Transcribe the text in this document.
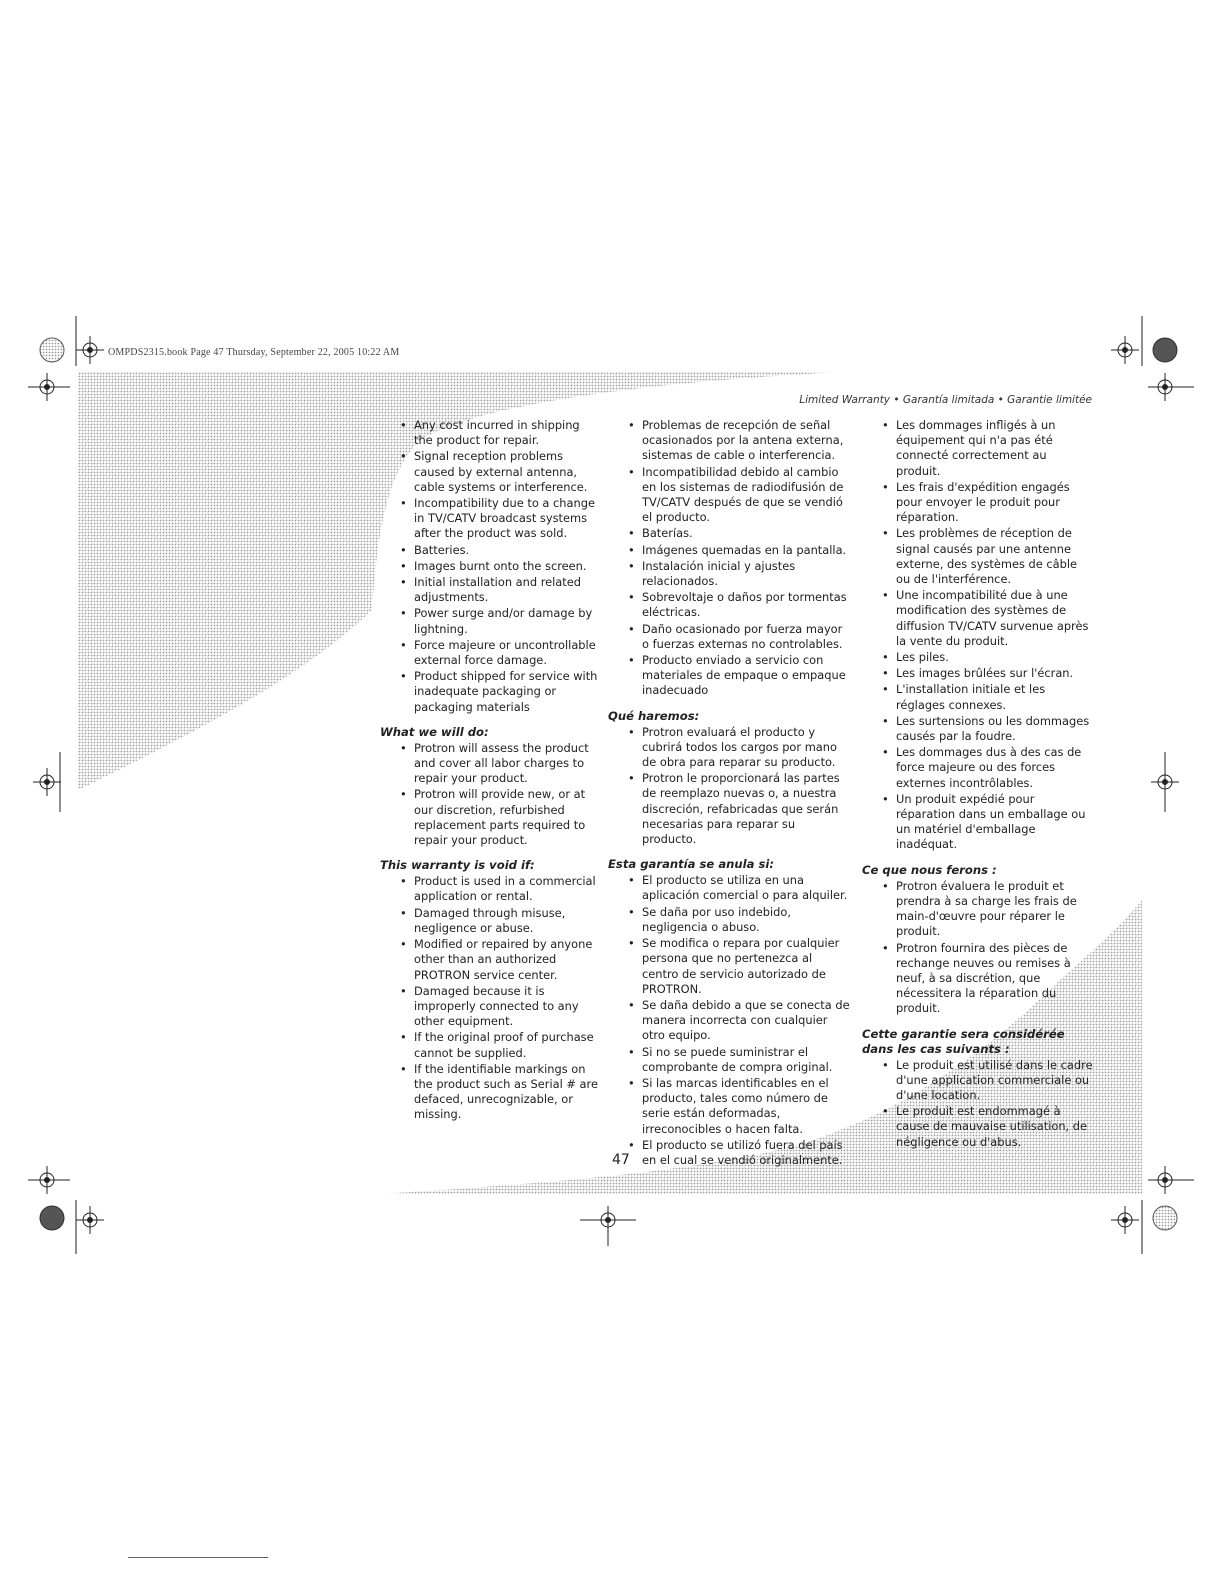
OMPDS2315.book Page 47 Thursday, September 22, 2005 10:22 AM
Limited Warranty • Garantía limitada • Garantie limitée
• Any cost incurred in shipping the product for repair.
• Signal reception problems caused by external antenna, cable systems or interference.
• Incompatibility due to a change in TV/CATV broadcast systems after the product was sold.
• Batteries.
• Images burnt onto the screen.
• Initial installation and related adjustments.
• Power surge and/or damage by lightning.
• Force majeure or uncontrollable external force damage.
• Product shipped for service with inadequate packaging or packaging materials
What we will do:
• Protron will assess the product and cover all labor charges to repair your product.
• Protron will provide new, or at our discretion, refurbished replacement parts required to repair your product.
This warranty is void if:
• Product is used in a commercial application or rental.
• Damaged through misuse, negligence or abuse.
• Modified or repaired by anyone other than an authorized PROTRON service center.
• Damaged because it is improperly connected to any other equipment.
• If the original proof of purchase cannot be supplied.
• If the identifiable markings on the product such as Serial # are defaced, unrecognizable, or missing.
• Problemas de recepción de señal ocasionados por la antena externa, sistemas de cable o interferencia.
• Incompatibilidad debido al cambio en los sistemas de radiodifusión de TV/CATV después de que se vendió el producto.
• Baterías.
• Imágenes quemadas en la pantalla.
• Instalación inicial y ajustes relacionados.
• Sobrevoltaje o daños por tormentas eléctricas.
• Daño ocasionado por fuerza mayor o fuerzas externas no controlables.
• Producto enviado a servicio con materiales de empaque o empaque inadecuado
Qué haremos:
• Protron evaluará el producto y cubrirá todos los cargos por mano de obra para reparar su producto.
• Protron le proporcionará las partes de reemplazo nuevas o, a nuestra discreción, refabricadas que serán necesarias para reparar su producto.
Esta garantía se anula si:
• El producto se utiliza en una aplicación comercial o para alquiler.
• Se daña por uso indebido, negligencia o abuso.
• Se modifica o repara por cualquier persona que no pertenezca al centro de servicio autorizado de PROTRON.
• Se daña debido a que se conecta de manera incorrecta con cualquier otro equipo.
• Si no se puede suministrar el comprobante de compra original.
• Si las marcas identificables en el producto, tales como número de serie están deformadas, irreconocibles o hacen falta.
• El producto se utilizó fuera del país en el cual se vendió originalmente.
• Les dommages infligés à un équipement qui n'a pas été connecté correctement au produit.
• Les frais d'expédition engagés pour envoyer le produit pour réparation.
• Les problèmes de réception de signal causés par une antenne externe, des systèmes de câble ou de l'interférence.
• Une incompatibilité due à une modification des systèmes de diffusion TV/CATV survenue après la vente du produit.
• Les piles.
• Les images brûlées sur l'écran.
• L'installation initiale et les réglages connexes.
• Les surtensions ou les dommages causés par la foudre.
• Les dommages dus à des cas de force majeure ou des forces externes incontrôlables.
• Un produit expédié pour réparation dans un emballage ou un matériel d'emballage inadéquat.
Ce que nous ferons :
• Protron évaluera le produit et prendra à sa charge les frais de main-d'œuvre pour réparer le produit.
• Protron fournira des pièces de rechange neuves ou remises à neuf, à sa discrétion, que nécessitera la réparation du produit.
Cette garantie sera considérée dans les cas suivants :
• Le produit est utilisé dans le cadre d'une application commerciale ou d'une location.
• Le produit est endommagé à cause de mauvaise utilisation, de négligence ou d'abus.
47
